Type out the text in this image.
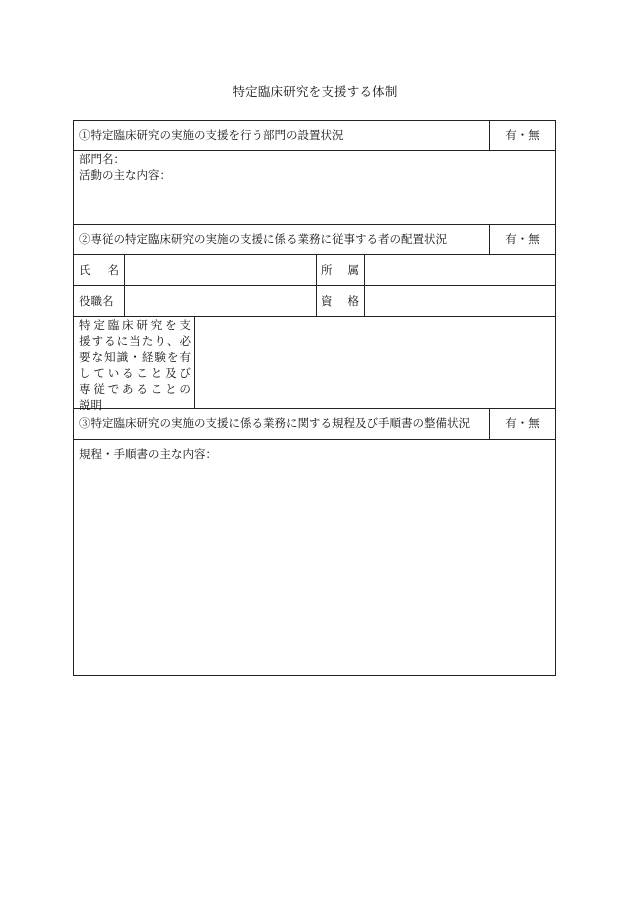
特定臨床研究を支援する体制
①特定臨床研究の実施の支援を行う部門の設置状況	有・無
部門名：
活動の主な内容：
②専従の特定臨床研究の実施の支援に係る業務に従事する者の配置状況	有・無
氏 名	所 属
役職名	資 格
特 定 臨 床 研 究 を 支
援 す る に 当 た り 、 必
要 な 知 識 ・ 経 験 を 有
し て い る こ と 及 び
専 従 で あ る こ と の
説明
③特定臨床研究の実施の支援に係る業務に関する規程及び手順書の整備状況	有・無
規程・手順書の主な内容：
